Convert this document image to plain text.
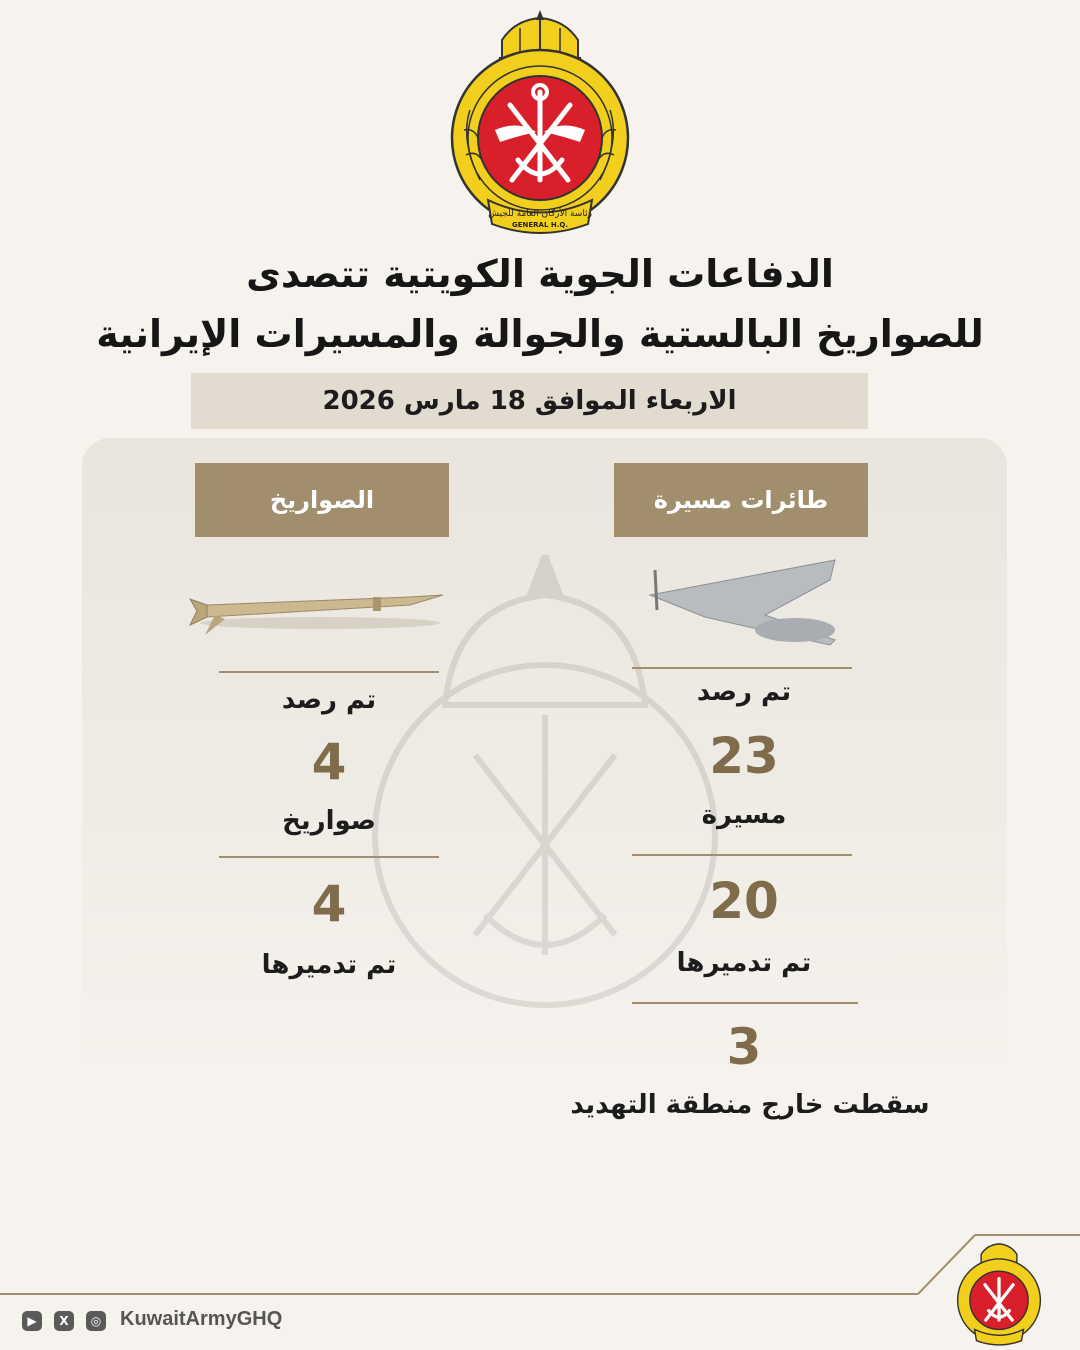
رئاسة الأركان العامة للجيش
GENERAL H.Q.
الدفاعات الجوية الكويتية تتصدى
للصواريخ البالستية والجوالة والمسيرات الإيرانية
الاربعاء الموافق 18 مارس 2026
طائرات مسيرة
الصواريخ
تم رصد
23
مسيرة
20
تم تدميرها
3
سقطت خارج منطقة التهديد
تم رصد
4
صواريخ
4
تم تدميرها
▶	X	◎ KuwaitArmyGHQ
